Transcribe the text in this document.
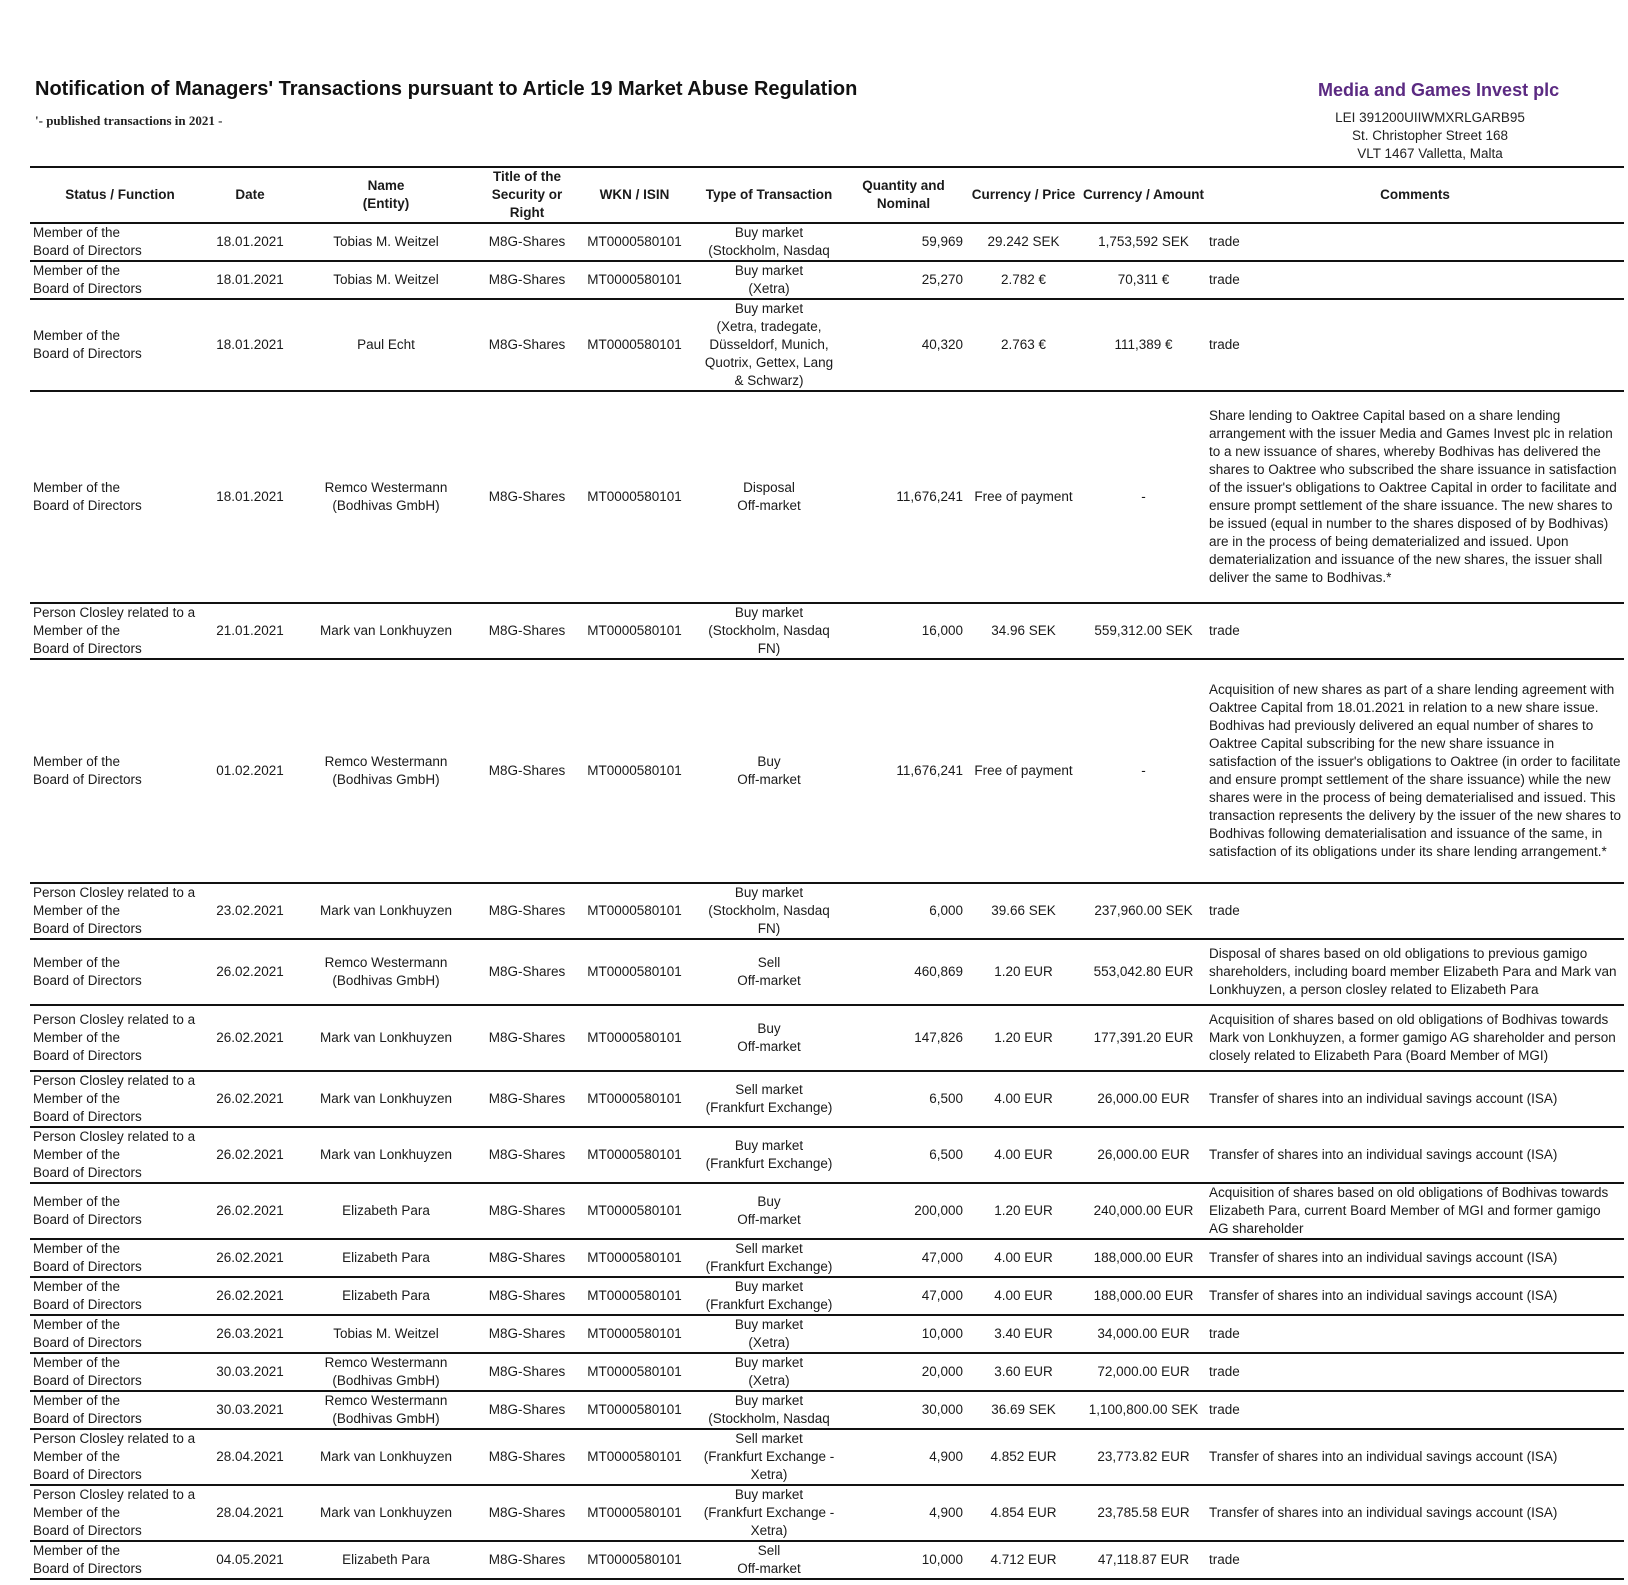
Notification of Managers' Transactions pursuant to Article 19 Market Abuse Regulation
'- published transactions in 2021 -
Media and Games Invest plc
LEI 391200UIIWMXRLGARB95
St. Christopher Street 168
VLT 1467 Valletta, Malta
Status / Function	Date	Name
(Entity)	Title of the
Security or
Right	WKN / ISIN	Type of Transaction	Quantity and
Nominal	Currency / Price	Currency / Amount	Comments
Member of the
Board of Directors	18.01.2021	Tobias M. Weitzel	M8G-Shares	MT0000580101	Buy market
(Stockholm, Nasdaq	59,969	29.242 SEK	1,753,592 SEK	trade
Member of the
Board of Directors	18.01.2021	Tobias M. Weitzel	M8G-Shares	MT0000580101	Buy market
(Xetra)	25,270	2.782 €	70,311 €	trade
Member of the
Board of Directors	18.01.2021	Paul Echt	M8G-Shares	MT0000580101	Buy market
(Xetra, tradegate,
Düsseldorf, Munich,
Quotrix, Gettex, Lang
& Schwarz)	40,320	2.763 €	111,389 €	trade
Member of the
Board of Directors	18.01.2021	Remco Westermann
(Bodhivas GmbH)	M8G-Shares	MT0000580101	Disposal
Off-market	11,676,241	Free of payment	-	Share lending to Oaktree Capital based on a share lending arrangement with the issuer Media and Games Invest plc in relation to a new issuance of shares, whereby Bodhivas has delivered the shares to Oaktree who subscribed the share issuance in satisfaction of the issuer's obligations to Oaktree Capital in order to facilitate and ensure prompt settlement of the share issuance. The new shares to be issued (equal in number to the shares disposed of by Bodhivas) are in the process of being dematerialized and issued. Upon dematerialization and issuance of the new shares, the issuer shall deliver the same to Bodhivas.*
Person Closley related to a
Member of the
Board of Directors	21.01.2021	Mark van Lonkhuyzen	M8G-Shares	MT0000580101	Buy market
(Stockholm, Nasdaq
FN)	16,000	34.96 SEK	559,312.00 SEK	trade
Member of the
Board of Directors	01.02.2021	Remco Westermann
(Bodhivas GmbH)	M8G-Shares	MT0000580101	Buy
Off-market	11,676,241	Free of payment	-	Acquisition of new shares as part of a share lending agreement with Oaktree Capital from 18.01.2021 in relation to a new share issue. Bodhivas had previously delivered an equal number of shares to Oaktree Capital subscribing for the new share issuance in satisfaction of the issuer's obligations to Oaktree (in order to facilitate and ensure prompt settlement of the share issuance) while the new shares were in the process of being dematerialised and issued. This transaction represents the delivery by the issuer of the new shares to Bodhivas following dematerialisation and issuance of the same, in satisfaction of its obligations under its share lending arrangement.*
Person Closley related to a
Member of the
Board of Directors	23.02.2021	Mark van Lonkhuyzen	M8G-Shares	MT0000580101	Buy market
(Stockholm, Nasdaq
FN)	6,000	39.66 SEK	237,960.00 SEK	trade
Member of the
Board of Directors	26.02.2021	Remco Westermann
(Bodhivas GmbH)	M8G-Shares	MT0000580101	Sell
Off-market	460,869	1.20 EUR	553,042.80 EUR	Disposal of shares based on old obligations to previous gamigo shareholders, including board member Elizabeth Para and Mark van Lonkhuyzen, a person closley related to Elizabeth Para
Person Closley related to a
Member of the
Board of Directors	26.02.2021	Mark van Lonkhuyzen	M8G-Shares	MT0000580101	Buy
Off-market	147,826	1.20 EUR	177,391.20 EUR	Acquisition of shares based on old obligations of Bodhivas towards Mark von Lonkhuyzen, a former gamigo AG shareholder and person closely related to Elizabeth Para (Board Member of MGI)
Person Closley related to a
Member of the
Board of Directors	26.02.2021	Mark van Lonkhuyzen	M8G-Shares	MT0000580101	Sell market
(Frankfurt Exchange)	6,500	4.00 EUR	26,000.00 EUR	Transfer of shares into an individual savings account (ISA)
Person Closley related to a
Member of the
Board of Directors	26.02.2021	Mark van Lonkhuyzen	M8G-Shares	MT0000580101	Buy market
(Frankfurt Exchange)	6,500	4.00 EUR	26,000.00 EUR	Transfer of shares into an individual savings account (ISA)
Member of the
Board of Directors	26.02.2021	Elizabeth Para	M8G-Shares	MT0000580101	Buy
Off-market	200,000	1.20 EUR	240,000.00 EUR	Acquisition of shares based on old obligations of Bodhivas towards Elizabeth Para, current Board Member of MGI and former gamigo AG shareholder
Member of the
Board of Directors	26.02.2021	Elizabeth Para	M8G-Shares	MT0000580101	Sell market
(Frankfurt Exchange)	47,000	4.00 EUR	188,000.00 EUR	Transfer of shares into an individual savings account (ISA)
Member of the
Board of Directors	26.02.2021	Elizabeth Para	M8G-Shares	MT0000580101	Buy market
(Frankfurt Exchange)	47,000	4.00 EUR	188,000.00 EUR	Transfer of shares into an individual savings account (ISA)
Member of the
Board of Directors	26.03.2021	Tobias M. Weitzel	M8G-Shares	MT0000580101	Buy market
(Xetra)	10,000	3.40 EUR	34,000.00 EUR	trade
Member of the
Board of Directors	30.03.2021	Remco Westermann
(Bodhivas GmbH)	M8G-Shares	MT0000580101	Buy market
(Xetra)	20,000	3.60 EUR	72,000.00 EUR	trade
Member of the
Board of Directors	30.03.2021	Remco Westermann
(Bodhivas GmbH)	M8G-Shares	MT0000580101	Buy market
(Stockholm, Nasdaq	30,000	36.69 SEK	1,100,800.00 SEK	trade
Person Closley related to a
Member of the
Board of Directors	28.04.2021	Mark van Lonkhuyzen	M8G-Shares	MT0000580101	Sell market
(Frankfurt Exchange -
Xetra)	4,900	4.852 EUR	23,773.82 EUR	Transfer of shares into an individual savings account (ISA)
Person Closley related to a
Member of the
Board of Directors	28.04.2021	Mark van Lonkhuyzen	M8G-Shares	MT0000580101	Buy market
(Frankfurt Exchange -
Xetra)	4,900	4.854 EUR	23,785.58 EUR	Transfer of shares into an individual savings account (ISA)
Member of the
Board of Directors	04.05.2021	Elizabeth Para	M8G-Shares	MT0000580101	Sell
Off-market	10,000	4.712 EUR	47,118.87 EUR	trade
